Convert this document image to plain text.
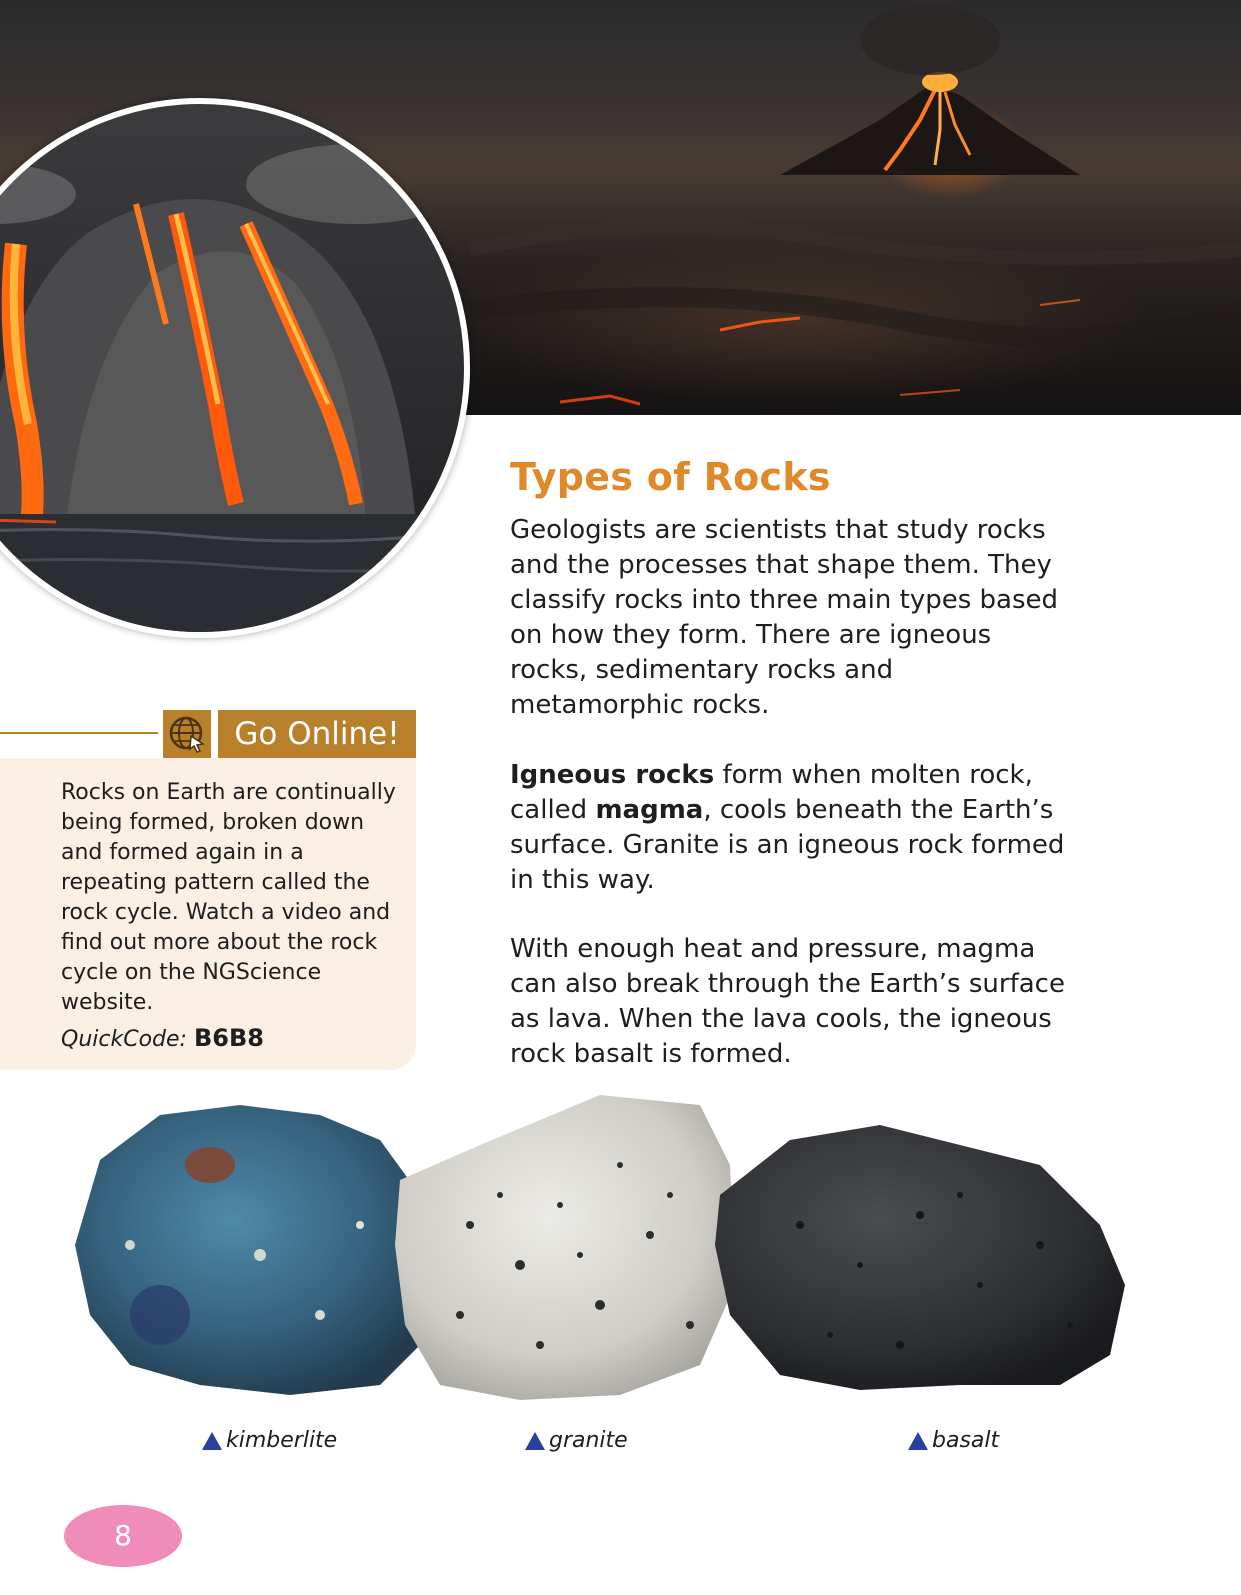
Types of Rocks

Geologists are scientists that study rocks and the processes that shape them. They classify rocks into three main types based on how they form. There are igneous rocks, sedimentary rocks and metamorphic rocks.

Igneous rocks form when molten rock, called magma, cools beneath the Earth’s surface. Granite is an igneous rock formed in this way.

With enough heat and pressure, magma can also break through the Earth’s surface as lava. When the lava cools, the igneous rock basalt is formed.

Go Online!

Rocks on Earth are continually being formed, broken down and formed again in a repeating pattern called the rock cycle. Watch a video and find out more about the rock cycle on the NGScience website.

QuickCode: B6B8
kimberlite	granite	basalt
8
